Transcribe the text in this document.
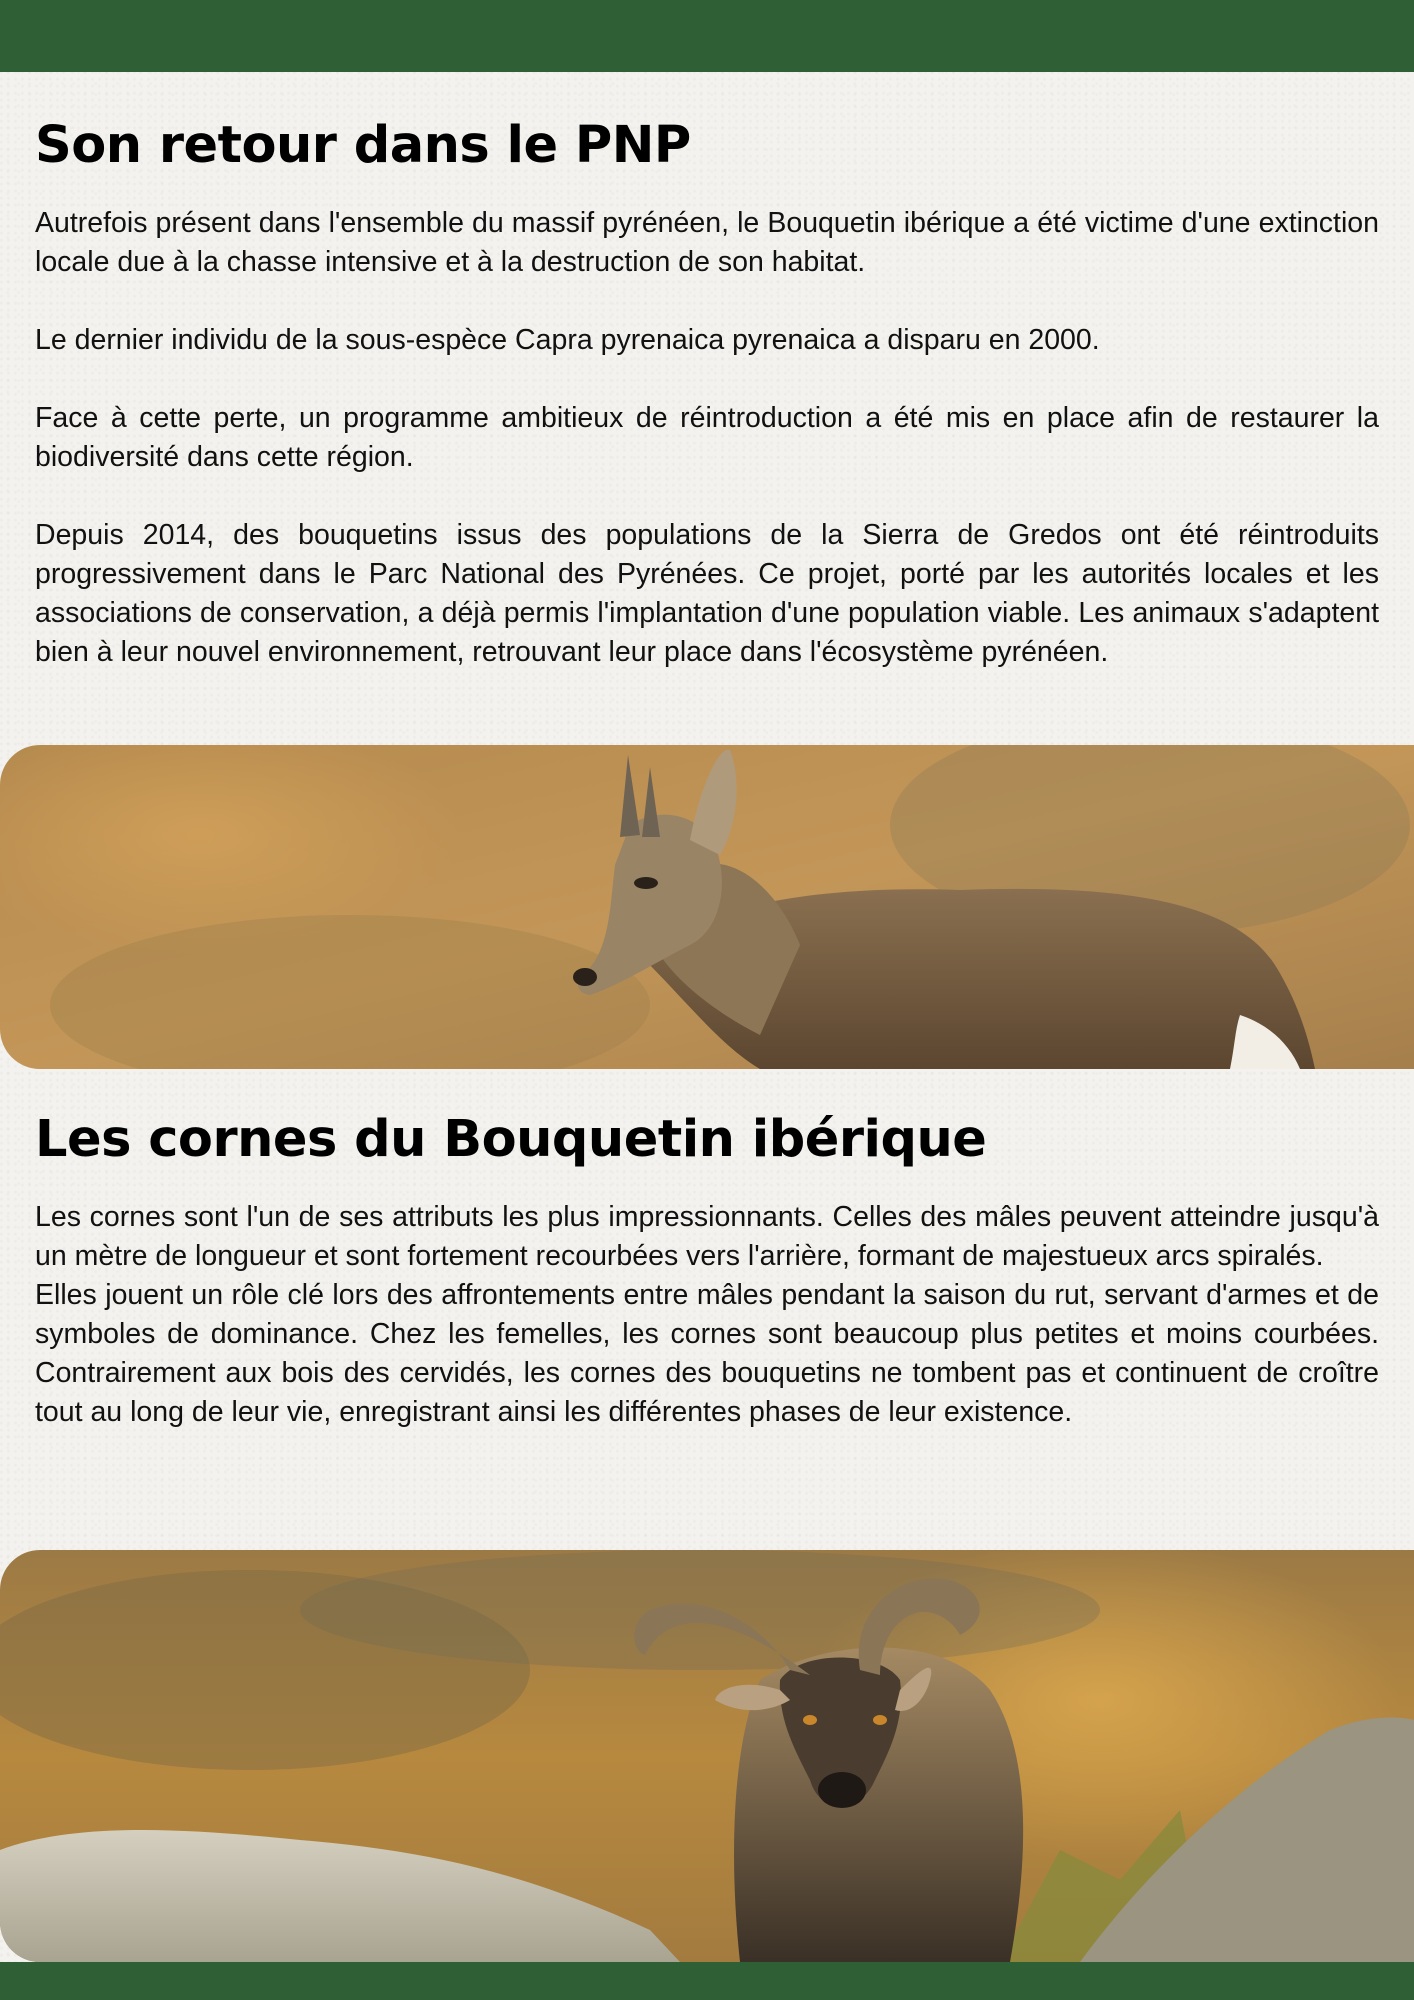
Son retour dans le PNP

Autrefois présent dans l'ensemble du massif pyrénéen, le Bouquetin ibérique a été victime d'une extinction locale due à la chasse intensive et à la destruction de son habitat.

Le dernier individu de la sous-espèce Capra pyrenaica pyrenaica a disparu en 2000.

Face à cette perte, un programme ambitieux de réintroduction a été mis en place afin de restaurer la biodiversité dans cette région.

Depuis 2014, des bouquetins issus des populations de la Sierra de Gredos ont été réintroduits progressivement dans le Parc National des Pyrénées. Ce projet, porté par les autorités locales et les associations de conservation, a déjà permis l'implantation d'une population viable. Les animaux s'adaptent bien à leur nouvel environnement, retrouvant leur place dans l'écosystème pyrénéen.

Les cornes du Bouquetin ibérique

Les cornes sont l'un de ses attributs les plus impressionnants. Celles des mâles peuvent atteindre jusqu'à un mètre de longueur et sont fortement recourbées vers l'arrière, formant de majestueux arcs spiralés.

Elles jouent un rôle clé lors des affrontements entre mâles pendant la saison du rut, servant d'armes et de symboles de dominance. Chez les femelles, les cornes sont beaucoup plus petites et moins courbées. Contrairement aux bois des cervidés, les cornes des bouquetins ne tombent pas et continuent de croître tout au long de leur vie, enregistrant ainsi les différentes phases de leur existence.
